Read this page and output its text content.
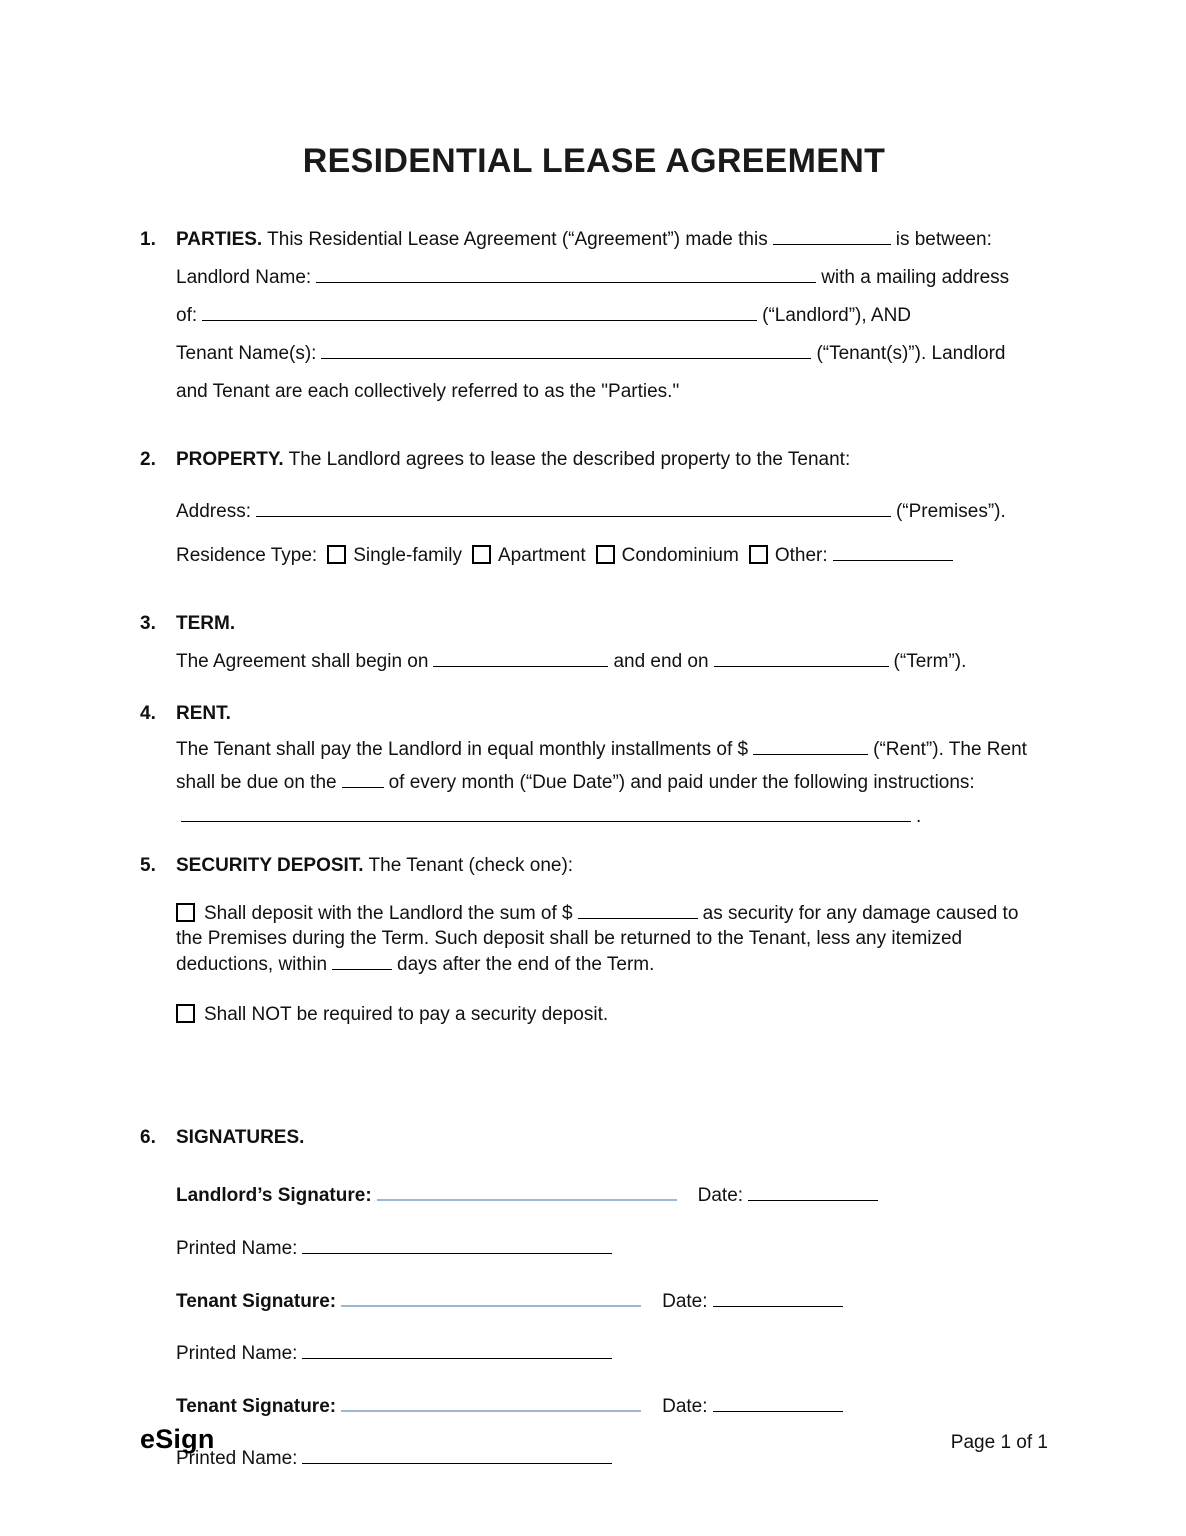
RESIDENTIAL LEASE AGREEMENT
1.	PARTIES. This Residential Lease Agreement (“Agreement”) made this	is between:
Landlord Name:	with a mailing address
of:	(“Landlord”), AND
Tenant Name(s):	(“Tenant(s)”). Landlord
and Tenant are each collectively referred to as the "Parties."
2.	PROPERTY. The Landlord agrees to lease the described property to the Tenant:
Address:	(“Premises”).
Residence Type: Single-family Apartment Condominium Other:
3.	TERM.
The Agreement shall begin on	and end on	(“Term”).
4.	RENT.
The Tenant shall pay the Landlord in equal monthly installments of $	(“Rent”). The Rent shall be due on the	of every month (“Due Date”) and paid under the following instructions:.
5.	SECURITY DEPOSIT. The Tenant (check one):
Shall deposit with the Landlord the sum of $	as security for any damage caused to the Premises during the Term. Such deposit shall be returned to the Tenant, less any itemized deductions, within	days after the end of the Term.
Shall NOT be required to pay a security deposit.
6.	SIGNATURES.
Landlord’s Signature:	Date:
Printed Name:
Tenant Signature:	Date:
Printed Name:
Tenant Signature:	Date:
Printed Name:
eSign	Page 1 of 1
